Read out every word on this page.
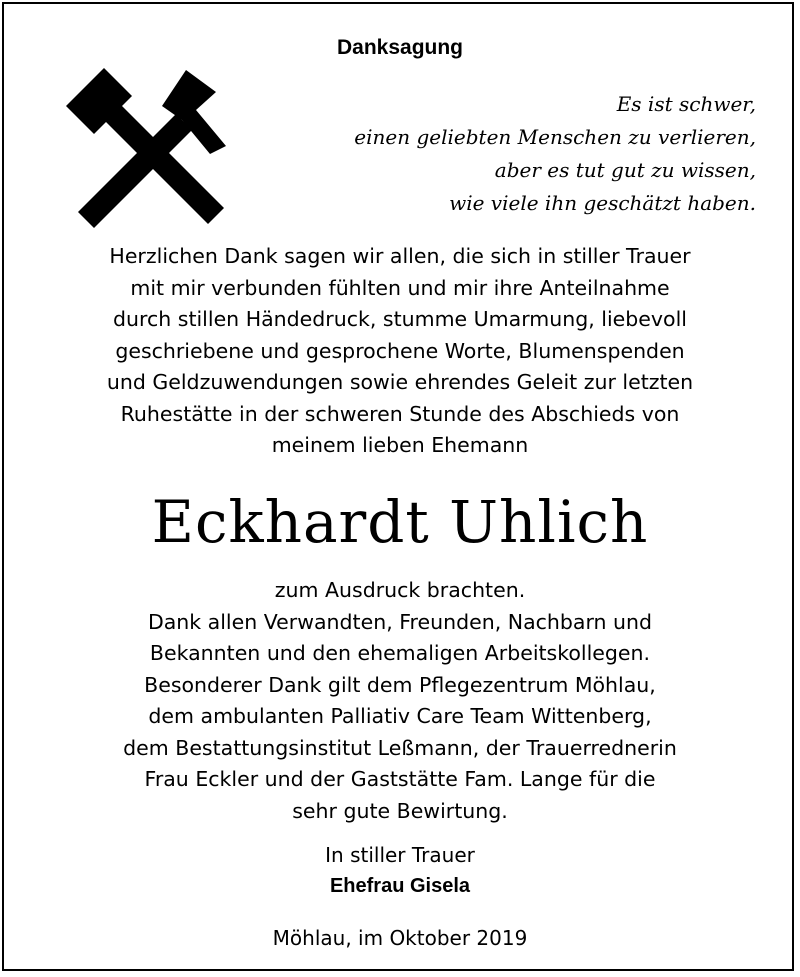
Danksagung
Es ist schwer,
einen geliebten Menschen zu verlieren,
aber es tut gut zu wissen,
wie viele ihn geschätzt haben.
Herzlichen Dank sagen wir allen, die sich in stiller Trauer
mit mir verbunden fühlten und mir ihre Anteilnahme
durch stillen Händedruck, stumme Umarmung, liebevoll
geschriebene und gesprochene Worte, Blumenspenden
und Geldzuwendungen sowie ehrendes Geleit zur letzten
Ruhestätte in der schweren Stunde des Abschieds von
meinem lieben Ehemann
Eckhardt Uhlich
zum Ausdruck brachten.
Dank allen Verwandten, Freunden, Nachbarn und
Bekannten und den ehemaligen Arbeitskollegen.
Besonderer Dank gilt dem Pflegezentrum Möhlau,
dem ambulanten Palliativ Care Team Wittenberg,
dem Bestattungsinstitut Leßmann, der Trauerrednerin
Frau Eckler und der Gaststätte Fam. Lange für die
sehr gute Bewirtung.
In stiller Trauer
Ehefrau Gisela
Möhlau, im Oktober 2019
